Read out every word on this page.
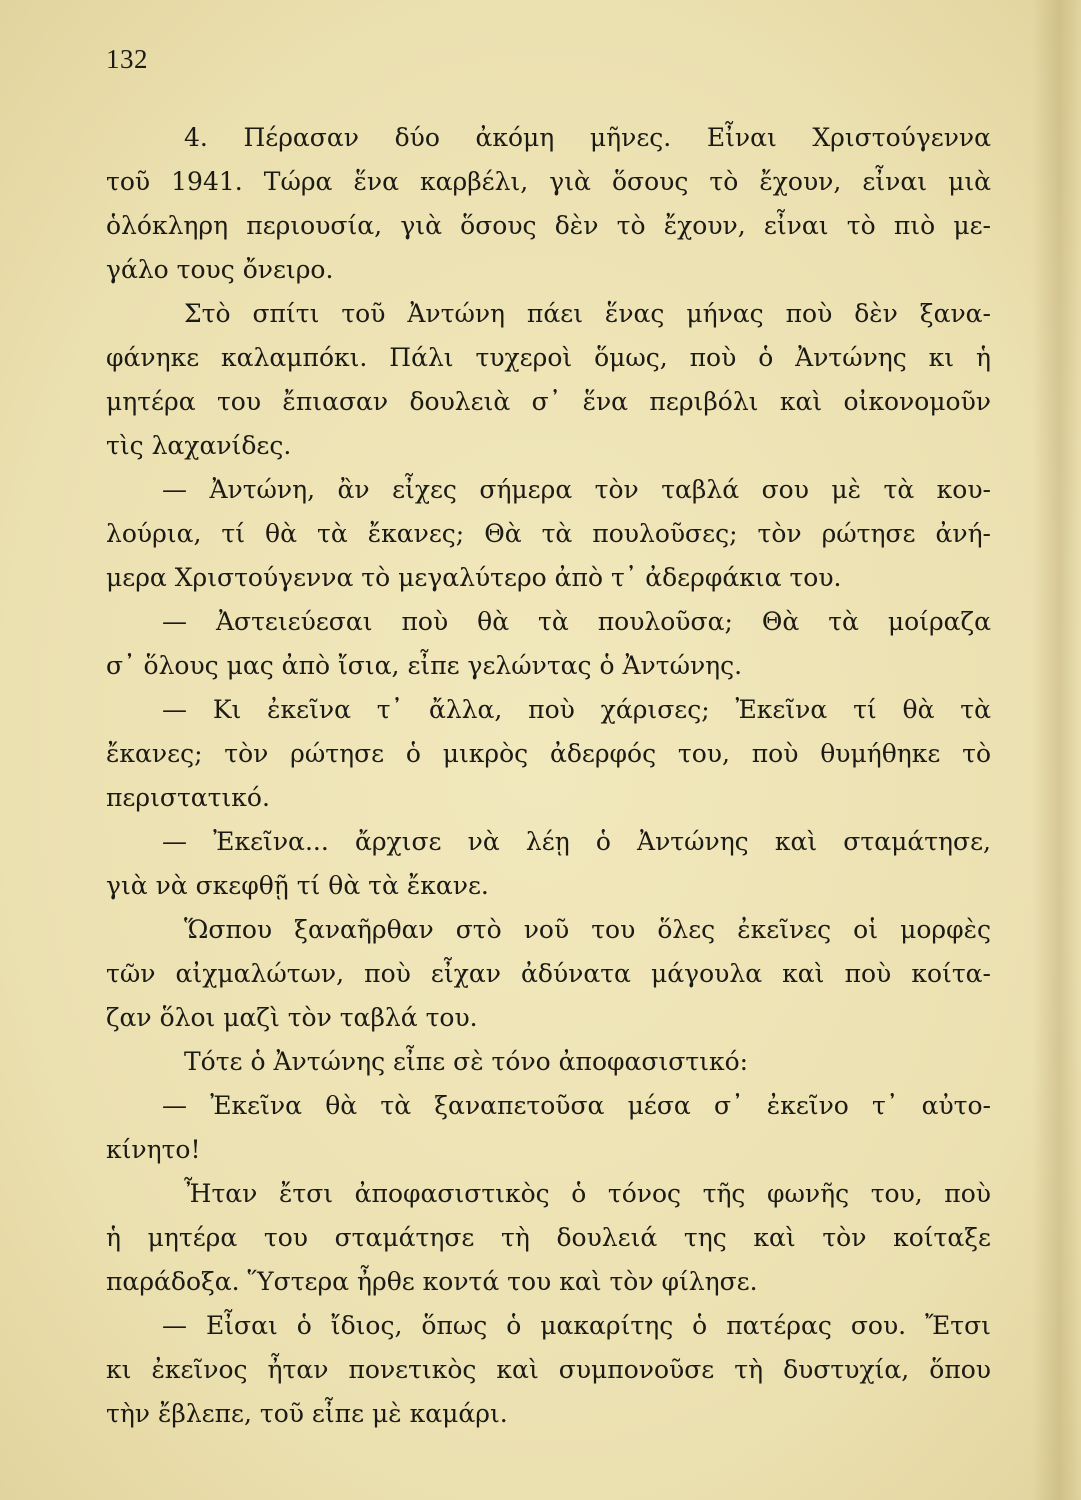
132
4. Πέρασαν δύο ἀκόμη μῆνες. Εἶναι Χριστούγεννα
τοῦ 1941. Τώρα ἕνα καρβέλι, γιὰ ὅσους τὸ ἔχουν, εἶναι μιὰ
ὁλόκληρη περιουσία, γιὰ ὅσους δὲν τὸ ἔχουν, εἶναι τὸ πιὸ με-
γάλο τους ὄνειρο.
Στὸ σπίτι τοῦ Ἀντώνη πάει ἕνας μήνας ποὺ δὲν ξανα-
φάνηκε καλαμπόκι. Πάλι τυχεροὶ ὅμως, ποὺ ὁ Ἀντώνης κι ἡ
μητέρα του ἔπιασαν δουλειὰ σ᾿ ἕνα περιβόλι καὶ οἰκονομοῦν
τὶς λαχανίδες.
— Ἀντώνη, ἂν εἶχες σήμερα τὸν ταβλά σου μὲ τὰ κου-
λούρια, τί θὰ τὰ ἔκανες; Θὰ τὰ πουλοῦσες; τὸν ρώτησε ἀνή-
μερα Χριστούγεννα τὸ μεγαλύτερο ἀπὸ τ᾿ ἀδερφάκια του.
— Ἀστειεύεσαι ποὺ θὰ τὰ πουλοῦσα; Θὰ τὰ μοίραζα
σ᾿ ὅλους μας ἀπὸ ἴσια, εἶπε γελώντας ὁ Ἀντώνης.
— Κι ἐκεῖνα τ᾿ ἄλλα, ποὺ χάρισες; Ἐκεῖνα τί θὰ τὰ
ἔκανες; τὸν ρώτησε ὁ μικρὸς ἀδερφός του, ποὺ θυμήθηκε τὸ
περιστατικό.
— Ἐκεῖνα... ἄρχισε νὰ λέῃ ὁ Ἀντώνης καὶ σταμάτησε,
γιὰ νὰ σκεφθῇ τί θὰ τὰ ἔκανε.
Ὥσπου ξαναῆρθαν στὸ νοῦ του ὅλες ἐκεῖνες οἱ μορφὲς
τῶν αἰχμαλώτων, ποὺ εἶχαν ἀδύνατα μάγουλα καὶ ποὺ κοίτα-
ζαν ὅλοι μαζὶ τὸν ταβλά του.
Τότε ὁ Ἀντώνης εἶπε σὲ τόνο ἀποφασιστικό:
— Ἐκεῖνα θὰ τὰ ξαναπετοῦσα μέσα σ᾿ ἐκεῖνο τ᾿ αὐτο-
κίνητο!
Ἦταν ἔτσι ἀποφασιστικὸς ὁ τόνος τῆς φωνῆς του, ποὺ
ἡ μητέρα του σταμάτησε τὴ δουλειά της καὶ τὸν κοίταξε
παράδοξα. Ὕστερα ἦρθε κοντά του καὶ τὸν φίλησε.
— Εἶσαι ὁ ἴδιος, ὅπως ὁ μακαρίτης ὁ πατέρας σου. Ἔτσι
κι ἐκεῖνος ἦταν πονετικὸς καὶ συμπονοῦσε τὴ δυστυχία, ὅπου
τὴν ἔβλεπε, τοῦ εἶπε μὲ καμάρι.
